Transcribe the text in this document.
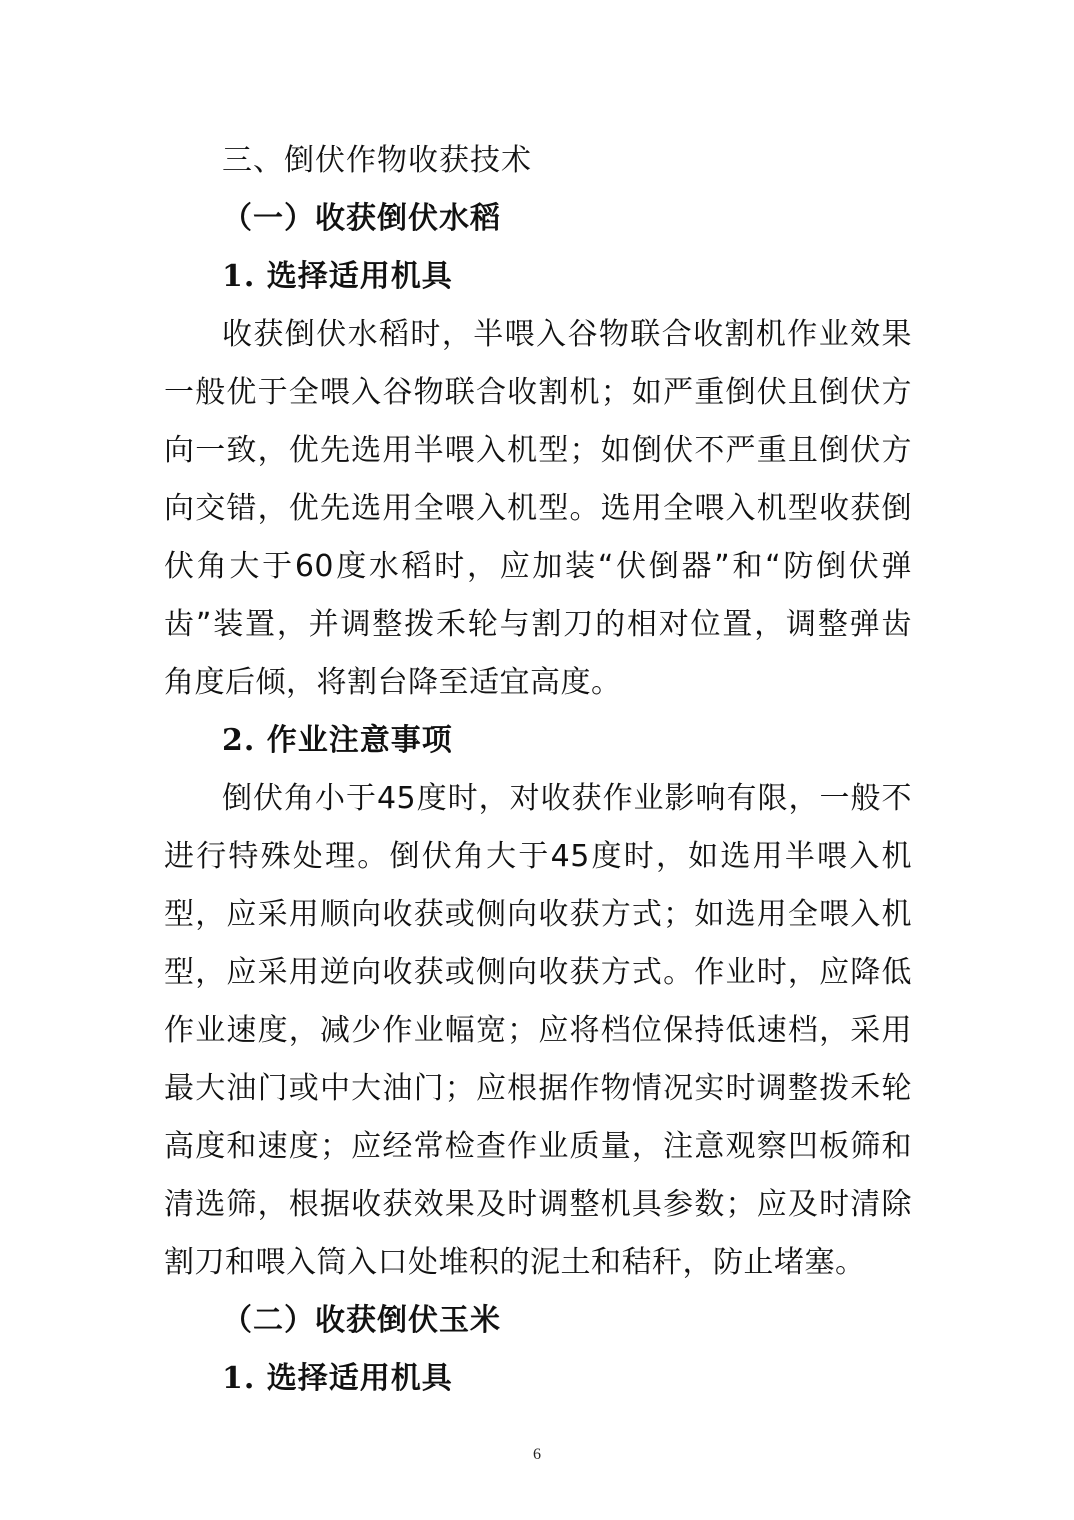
三、倒伏作物收获技术
（一）收获倒伏水稻
1. 选择适用机具

收获倒伏水稻时，半喂入谷物联合收割机作业效果一般优于全喂入谷物联合收割机；如严重倒伏且倒伏方向一致，优先选用半喂入机型；如倒伏不严重且倒伏方向交错，优先选用全喂入机型。选用全喂入机型收获倒伏角大于60度水稻时，应加装“伏倒器”和“防倒伏弹齿”装置，并调整拨禾轮与割刀的相对位置，调整弹齿角度后倾，将割台降至适宜高度。

2. 作业注意事项

倒伏角小于45度时，对收获作业影响有限，一般不进行特殊处理。倒伏角大于45度时，如选用半喂入机型，应采用顺向收获或侧向收获方式；如选用全喂入机型，应采用逆向收获或侧向收获方式。作业时，应降低作业速度，减少作业幅宽；应将档位保持低速档，采用最大油门或中大油门；应根据作物情况实时调整拨禾轮高度和速度；应经常检查作业质量，注意观察凹板筛和清选筛，根据收获效果及时调整机具参数；应及时清除割刀和喂入筒入口处堆积的泥土和秸秆，防止堵塞。

（二）收获倒伏玉米
1. 选择适用机具
6
